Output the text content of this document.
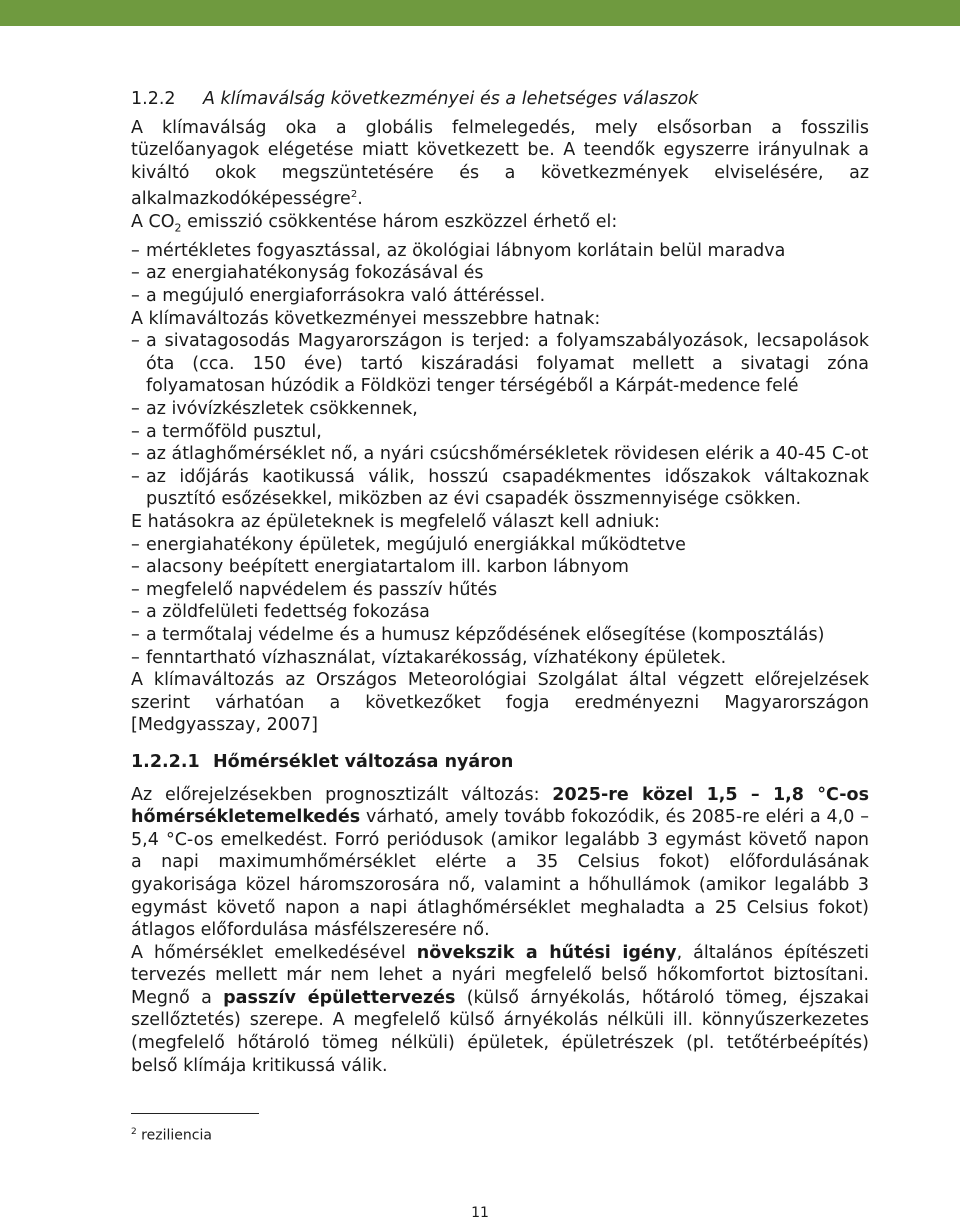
1.2.2 A klímaválság következményei és a lehetséges válaszok

A klímaválság oka a globális felmelegedés, mely elsősorban a fosszilis tüzelőanyagok elégetése miatt következett be. A teendők egyszerre irányulnak a kiváltó okok megszüntetésére és a következmények elviselésére, az alkalmazkodóképességre$^2$.

A $CO_2$ emisszió csökkentése három eszközzel érhető el:

– mértékletes fogyasztással, az ökológiai lábnyom korlátain belül maradva
– az energiahatékonyság fokozásával és
– a megújuló energiaforrásokra való áttéréssel.

A klímaváltozás következményei messzebbre hatnak:

– a sivatagosodás Magyarországon is terjed: a folyamszabályozások, lecsapolások óta (cca. 150 éve) tartó kiszáradási folyamat mellett a sivatagi zóna folyamatosan húzódik a Földközi tenger térségéből a Kárpát-medence felé
– az ivóvízkészletek csökkennek,
– a termőföld pusztul,
– az átlaghőmérséklet nő, a nyári csúcshőmérsékletek rövidesen elérik a 40-45 C-ot
– az időjárás kaotikussá válik, hosszú csapadékmentes időszakok váltakoznak pusztító esőzésekkel, miközben az évi csapadék összmennyisége csökken.

E hatásokra az épületeknek is megfelelő választ kell adniuk:

– energiahatékony épületek, megújuló energiákkal működtetve
– alacsony beépített energiatartalom ill. karbon lábnyom
– megfelelő napvédelem és passzív hűtés
– a zöldfelületi fedettség fokozása
– a termőtalaj védelme és a humusz képződésének elősegítése (komposztálás)
– fenntartható vízhasználat, víztakarékosság, vízhatékony épületek.

A klímaváltozás az Országos Meteorológiai Szolgálat által végzett előrejelzések szerint várhatóan a következőket fogja eredményezni Magyarországon [Medgyasszay, 2007]

1.2.2.1 Hőmérséklet változása nyáron

Az előrejelzésekben prognosztizált változás: 2025-re közel 1,5 – 1,8 °C-os hőmérsékletemelkedés várható, amely tovább fokozódik, és 2085-re eléri a 4,0 – 5,4 °C-os emelkedést. Forró periódusok (amikor legalább 3 egymást követő napon a napi maximumhőmérséklet elérte a 35 Celsius fokot) előfordulásának gyakorisága közel háromszorosára nő, valamint a hőhullámok (amikor legalább 3 egymást követő napon a napi átlaghőmérséklet meghaladta a 25 Celsius fokot) átlagos előfordulása másfélszeresére nő.

A hőmérséklet emelkedésével növekszik a hűtési igény, általános építészeti tervezés mellett már nem lehet a nyári megfelelő belső hőkomfortot biztosítani. Megnő a passzív épülettervezés (külső árnyékolás, hőtároló tömeg, éjszakai szellőztetés) szerepe. A megfelelő külső árnyékolás nélküli ill. könnyűszerkezetes (megfelelő hőtároló tömeg nélküli) épületek, épületrészek (pl. tetőtérbeépítés) belső klímája kritikussá válik.

$^2$ reziliencia
11
